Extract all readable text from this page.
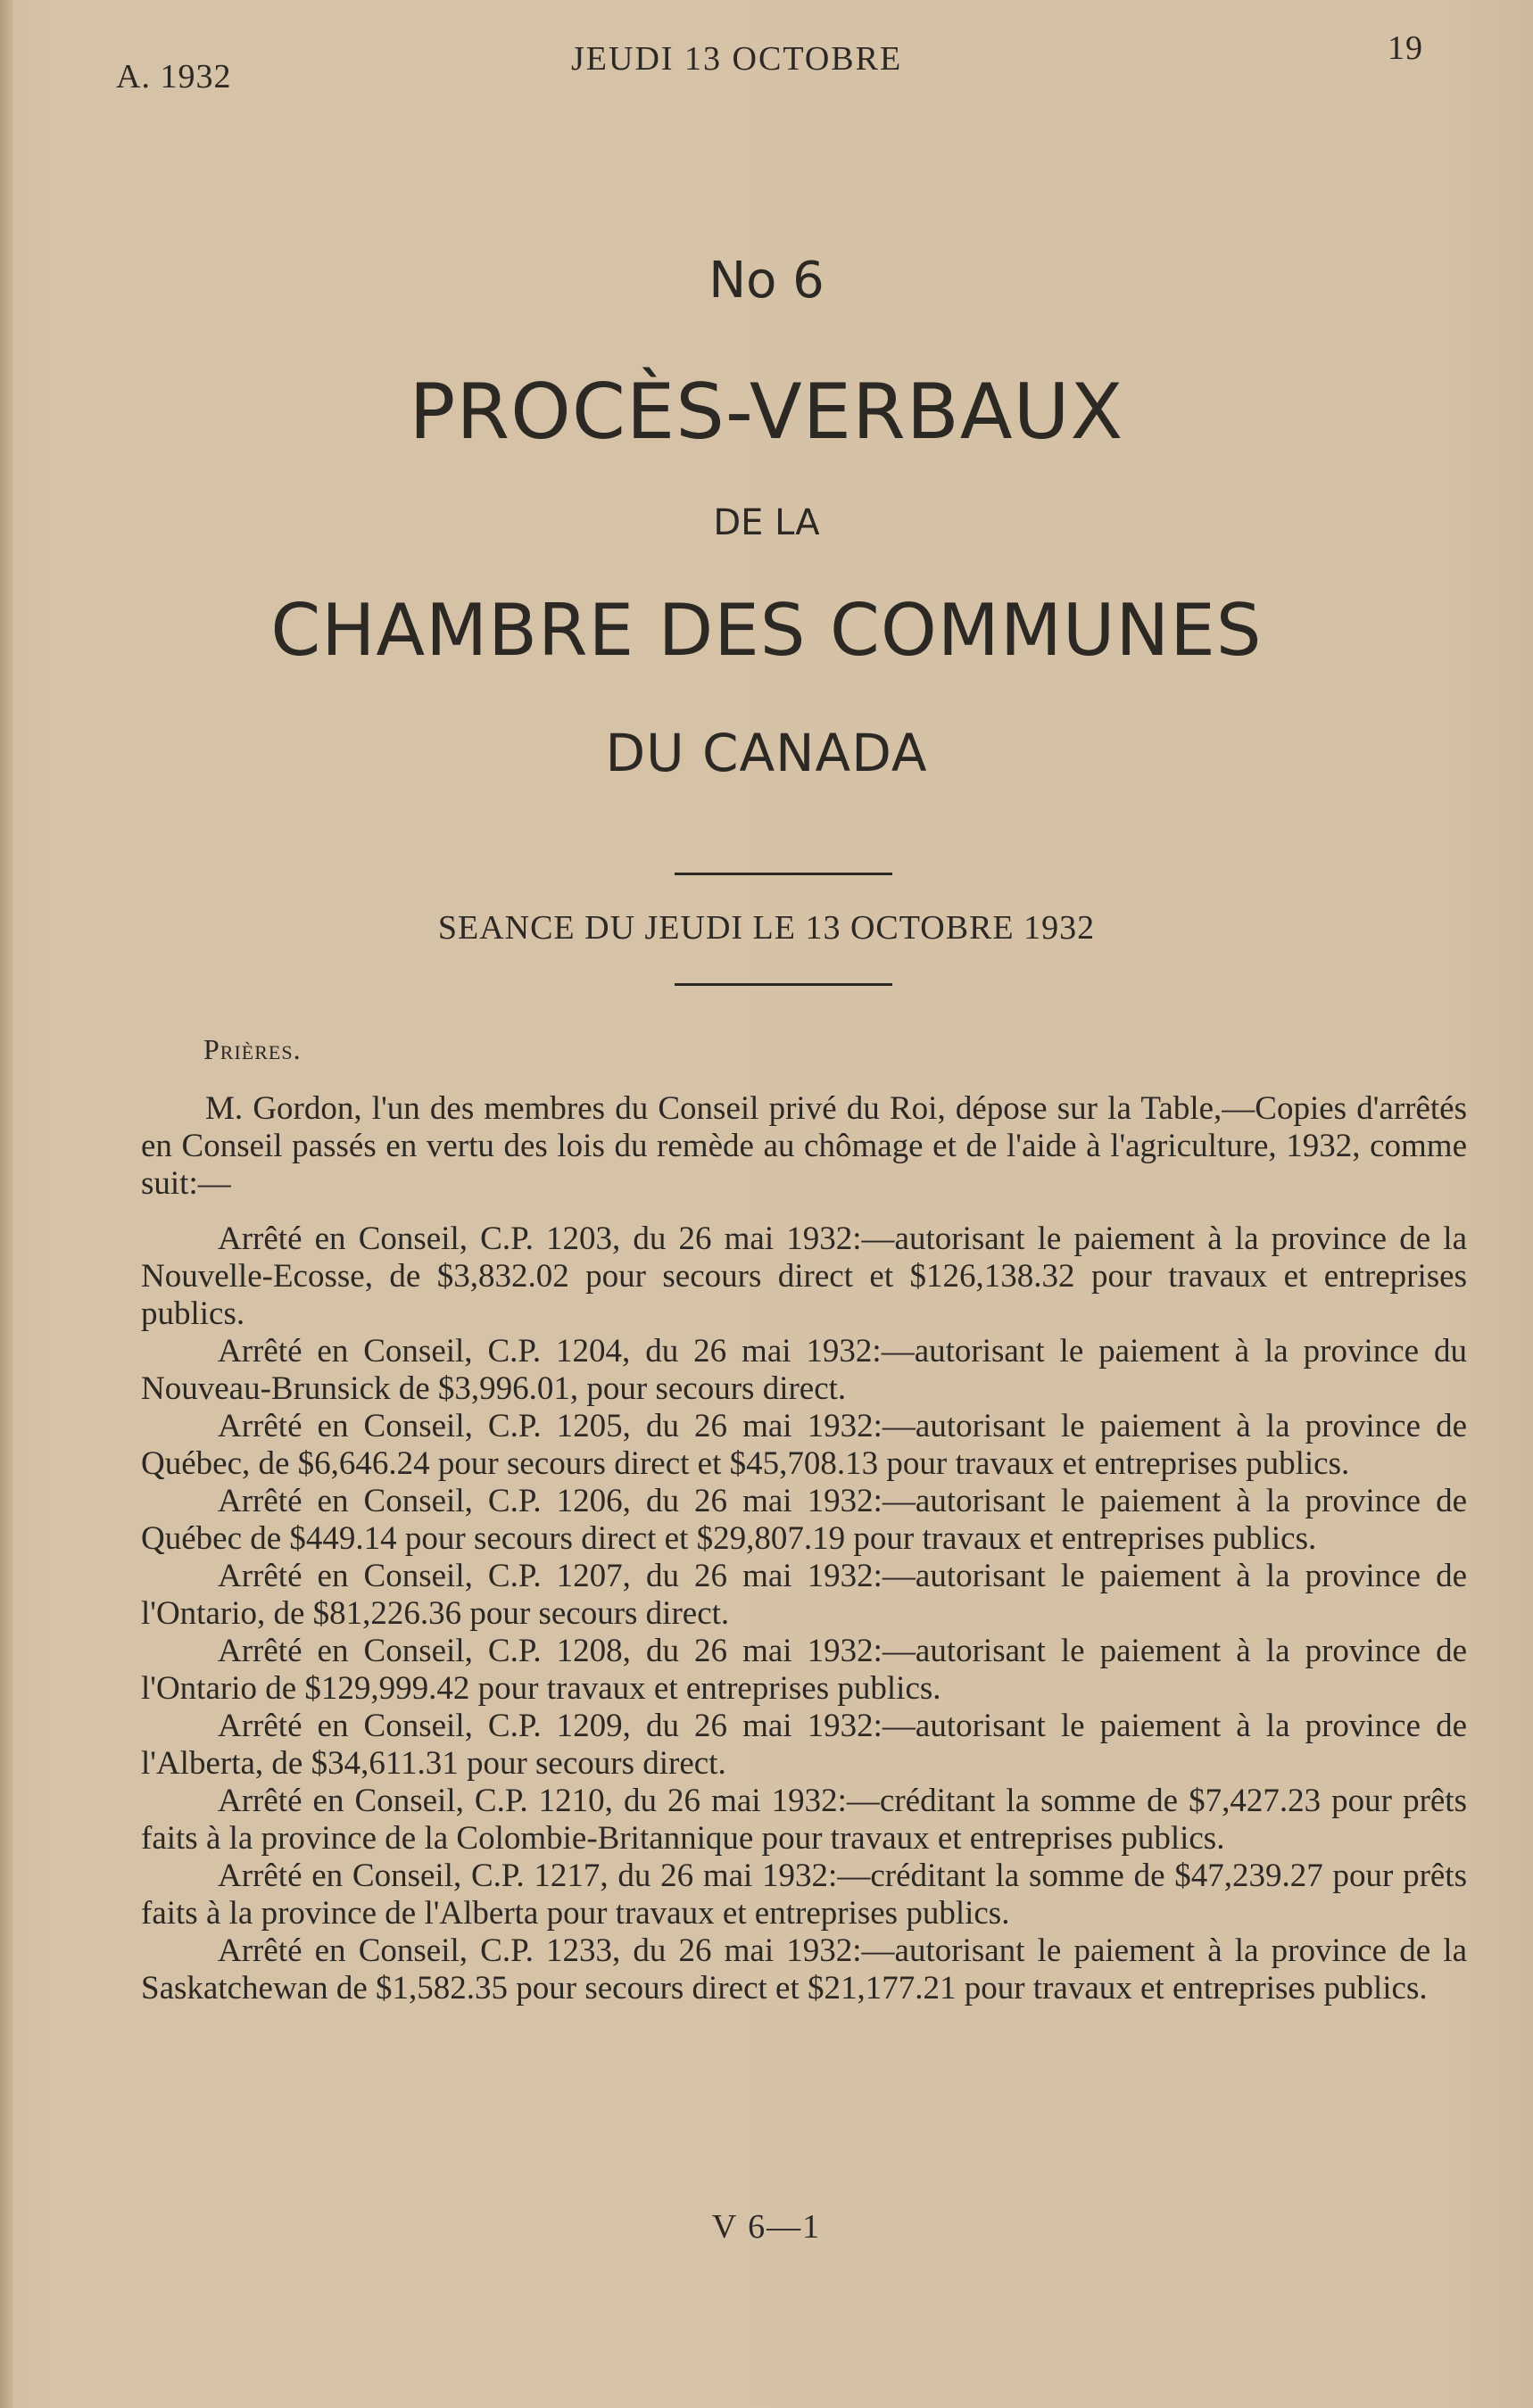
A. 1932	JEUDI 13 OCTOBRE	19
No 6
PROCÈS-VERBAUX
DE LA
CHAMBRE DES COMMUNES
DU CANADA
SEANCE DU JEUDI LE 13 OCTOBRE 1932
Prières.

M. Gordon, l'un des membres du Conseil privé du Roi, dépose sur la Table,—Copies d'arrêtés en Conseil passés en vertu des lois du remède au chômage et de l'aide à l'agriculture, 1932, comme suit:—

Arrêté en Conseil, C.P. 1203, du 26 mai 1932:—autorisant le paiement à la province de la Nouvelle-Ecosse, de $3,832.02 pour secours direct et $126,138.32 pour travaux et entreprises publics.

Arrêté en Conseil, C.P. 1204, du 26 mai 1932:—autorisant le paiement à la province du Nouveau-Brunsick de $3,996.01, pour secours direct.

Arrêté en Conseil, C.P. 1205, du 26 mai 1932:—autorisant le paiement à la province de Québec, de $6,646.24 pour secours direct et $45,708.13 pour travaux et entreprises publics.

Arrêté en Conseil, C.P. 1206, du 26 mai 1932:—autorisant le paiement à la province de Québec de $449.14 pour secours direct et $29,807.19 pour travaux et entreprises publics.

Arrêté en Conseil, C.P. 1207, du 26 mai 1932:—autorisant le paiement à la province de l'Ontario, de $81,226.36 pour secours direct.

Arrêté en Conseil, C.P. 1208, du 26 mai 1932:—autorisant le paiement à la province de l'Ontario de $129,999.42 pour travaux et entreprises publics.

Arrêté en Conseil, C.P. 1209, du 26 mai 1932:—autorisant le paiement à la province de l'Alberta, de $34,611.31 pour secours direct.

Arrêté en Conseil, C.P. 1210, du 26 mai 1932:—créditant la somme de $7,427.23 pour prêts faits à la province de la Colombie-Britannique pour travaux et entreprises publics.

Arrêté en Conseil, C.P. 1217, du 26 mai 1932:—créditant la somme de $47,239.27 pour prêts faits à la province de l'Alberta pour travaux et entreprises publics.

Arrêté en Conseil, C.P. 1233, du 26 mai 1932:—autorisant le paiement à la province de la Saskatchewan de $1,582.35 pour secours direct et $21,177.21 pour travaux et entreprises publics.

V 6—1
